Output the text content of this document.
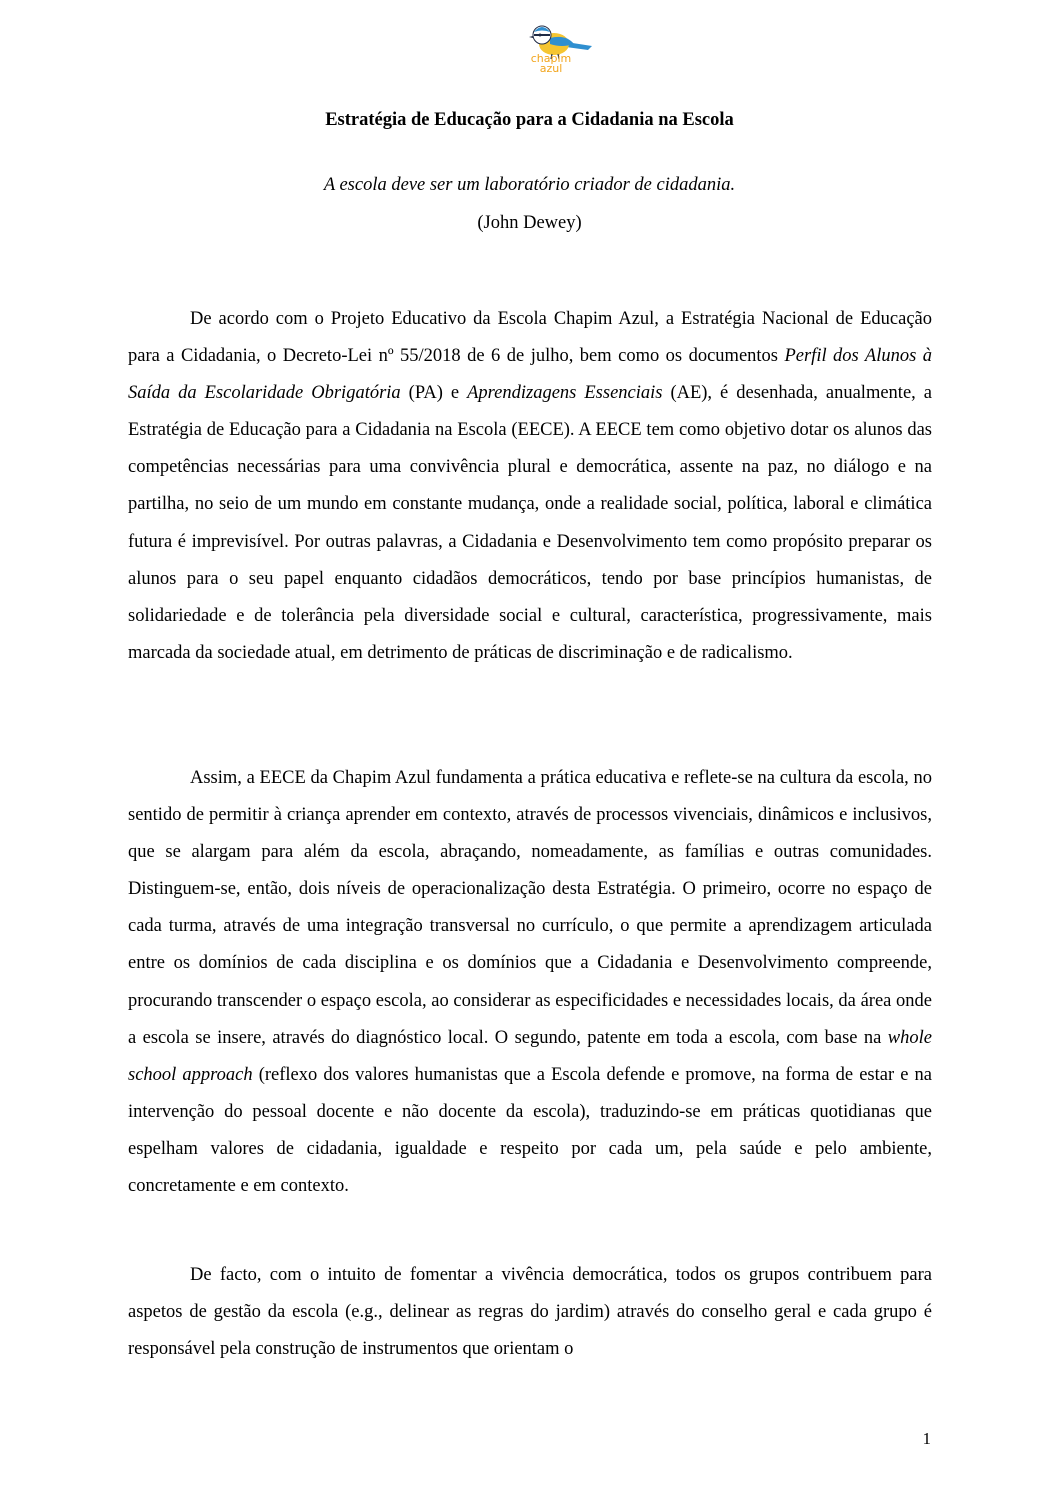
chapim
azul
Estratégia de Educação para a Cidadania na Escola
A escola deve ser um laboratório criador de cidadania.
(John Dewey)

De acordo com o Projeto Educativo da Escola Chapim Azul, a Estratégia Nacional de Educação para a Cidadania, o Decreto-Lei nº 55/2018 de 6 de julho, bem como os documentos Perfil dos Alunos à Saída da Escolaridade Obrigatória (PA) e Aprendizagens Essenciais (AE), é desenhada, anualmente, a Estratégia de Educação para a Cidadania na Escola (EECE). A EECE tem como objetivo dotar os alunos das competências necessárias para uma convivência plural e democrática, assente na paz, no diálogo e na partilha, no seio de um mundo em constante mudança, onde a realidade social, política, laboral e climática futura é imprevisível. Por outras palavras, a Cidadania e Desenvolvimento tem como propósito preparar os alunos para o seu papel enquanto cidadãos democráticos, tendo por base princípios humanistas, de solidariedade e de tolerância pela diversidade social e cultural, característica, progressivamente, mais marcada da sociedade atual, em detrimento de práticas de discriminação e de radicalismo.

Assim, a EECE da Chapim Azul fundamenta a prática educativa e reflete-se na cultura da escola, no sentido de permitir à criança aprender em contexto, através de processos vivenciais, dinâmicos e inclusivos, que se alargam para além da escola, abraçando, nomeadamente, as famílias e outras comunidades. Distinguem-se, então, dois níveis de operacionalização desta Estratégia. O primeiro, ocorre no espaço de cada turma, através de uma integração transversal no currículo, o que permite a aprendizagem articulada entre os domínios de cada disciplina e os domínios que a Cidadania e Desenvolvimento compreende, procurando transcender o espaço escola, ao considerar as especificidades e necessidades locais, da área onde a escola se insere, através do diagnóstico local. O segundo, patente em toda a escola, com base na whole school approach (reflexo dos valores humanistas que a Escola defende e promove, na forma de estar e na intervenção do pessoal docente e não docente da escola), traduzindo-se em práticas quotidianas que espelham valores de cidadania, igualdade e respeito por cada um, pela saúde e pelo ambiente, concretamente e em contexto.

De facto, com o intuito de fomentar a vivência democrática, todos os grupos contribuem para aspetos de gestão da escola (e.g., delinear as regras do jardim) através do conselho geral e cada grupo é responsável pela construção de instrumentos que orientam o

1
